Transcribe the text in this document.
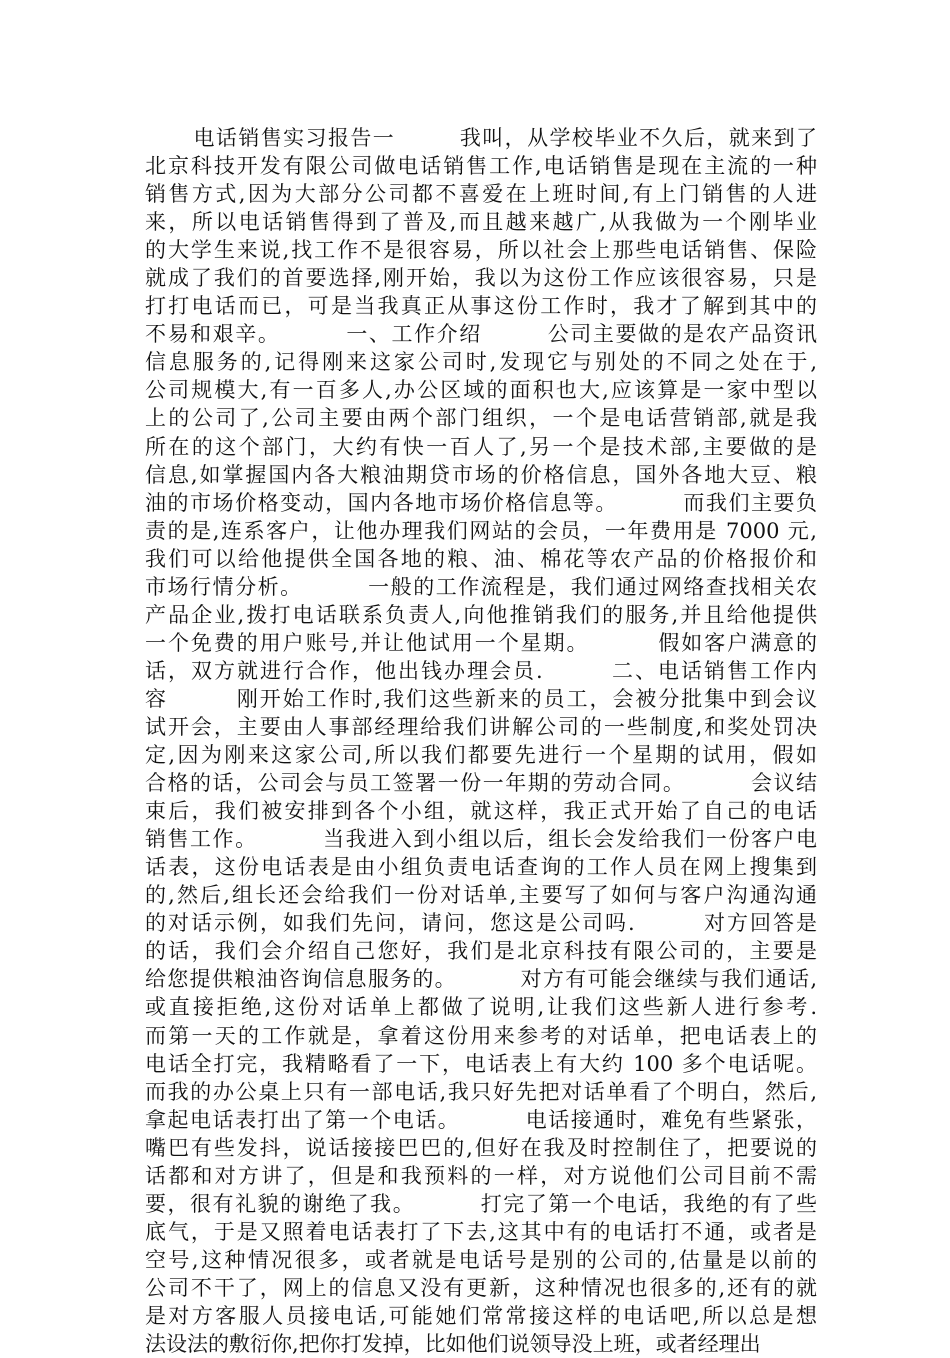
电话销售实习报告一        我叫，从学校毕业不久后，就来到了
北京科技开发有限公司做电话销售工作,电话销售是现在主流的一种
销售方式,因为大部分公司都不喜爱在上班时间,有上门销售的人进
来，所以电话销售得到了普及,而且越来越广,从我做为一个刚毕业
的大学生来说,找工作不是很容易，所以社会上那些电话销售、保险
就成了我们的首要选择,刚开始，我以为这份工作应该很容易，只是
打打电话而已，可是当我真正从事这份工作时，我才了解到其中的
不易和艰辛。        一、工作介绍        公司主要做的是农产品资讯
信息服务的,记得刚来这家公司时,发现它与别处的不同之处在于,
公司规模大,有一百多人,办公区域的面积也大,应该算是一家中型以
上的公司了,公司主要由两个部门组织，一个是电话营销部,就是我
所在的这个部门，大约有快一百人了,另一个是技术部,主要做的是
信息,如掌握国内各大粮油期贷市场的价格信息，国外各地大豆、粮
油的市场价格变动，国内各地市场价格信息等。        而我们主要负
责的是,连系客户，让他办理我们网站的会员，一年费用是 7000 元,
我们可以给他提供全国各地的粮、油、棉花等农产品的价格报价和
市场行情分析。        一般的工作流程是，我们通过网络查找相关农
产品企业,拨打电话联系负责人,向他推销我们的服务,并且给他提供
一个免费的用户账号,并让他试用一个星期。        假如客户满意的
话，双方就进行合作，他出钱办理会员.        二、电话销售工作内
容        刚开始工作时,我们这些新来的员工，会被分批集中到会议
试开会，主要由人事部经理给我们讲解公司的一些制度,和奖处罚决
定,因为刚来这家公司,所以我们都要先进行一个星期的试用，假如
合格的话，公司会与员工签署一份一年期的劳动合同。        会议结
束后，我们被安排到各个小组，就这样，我正式开始了自己的电话
销售工作。        当我进入到小组以后，组长会发给我们一份客户电
话表，这份电话表是由小组负责电话查询的工作人员在网上搜集到
的,然后,组长还会给我们一份对话单,主要写了如何与客户沟通沟通
的对话示例，如我们先问，请问，您这是公司吗.        对方回答是
的话，我们会介绍自己您好，我们是北京科技有限公司的，主要是
给您提供粮油咨询信息服务的。        对方有可能会继续与我们通话,
或直接拒绝,这份对话单上都做了说明,让我们这些新人进行参考.
而第一天的工作就是，拿着这份用来参考的对话单，把电话表上的
电话全打完，我精略看了一下，电话表上有大约 100 多个电话呢。
而我的办公桌上只有一部电话,我只好先把对话单看了个明白，然后,
拿起电话表打出了第一个电话。        电话接通时，难免有些紧张，
嘴巴有些发抖，说话接接巴巴的,但好在我及时控制住了，把要说的
话都和对方讲了，但是和我预料的一样，对方说他们公司目前不需
要，很有礼貌的谢绝了我。        打完了第一个电话，我绝的有了些
底气，于是又照着电话表打了下去,这其中有的电话打不通，或者是
空号,这种情况很多，或者就是电话号是别的公司的,估量是以前的
公司不干了，网上的信息又没有更新，这种情况也很多的,还有的就
是对方客服人员接电话,可能她们常常接这样的电话吧,所以总是想
法设法的敷衍你,把你打发掉，比如他们说领导没上班，或者经理出
